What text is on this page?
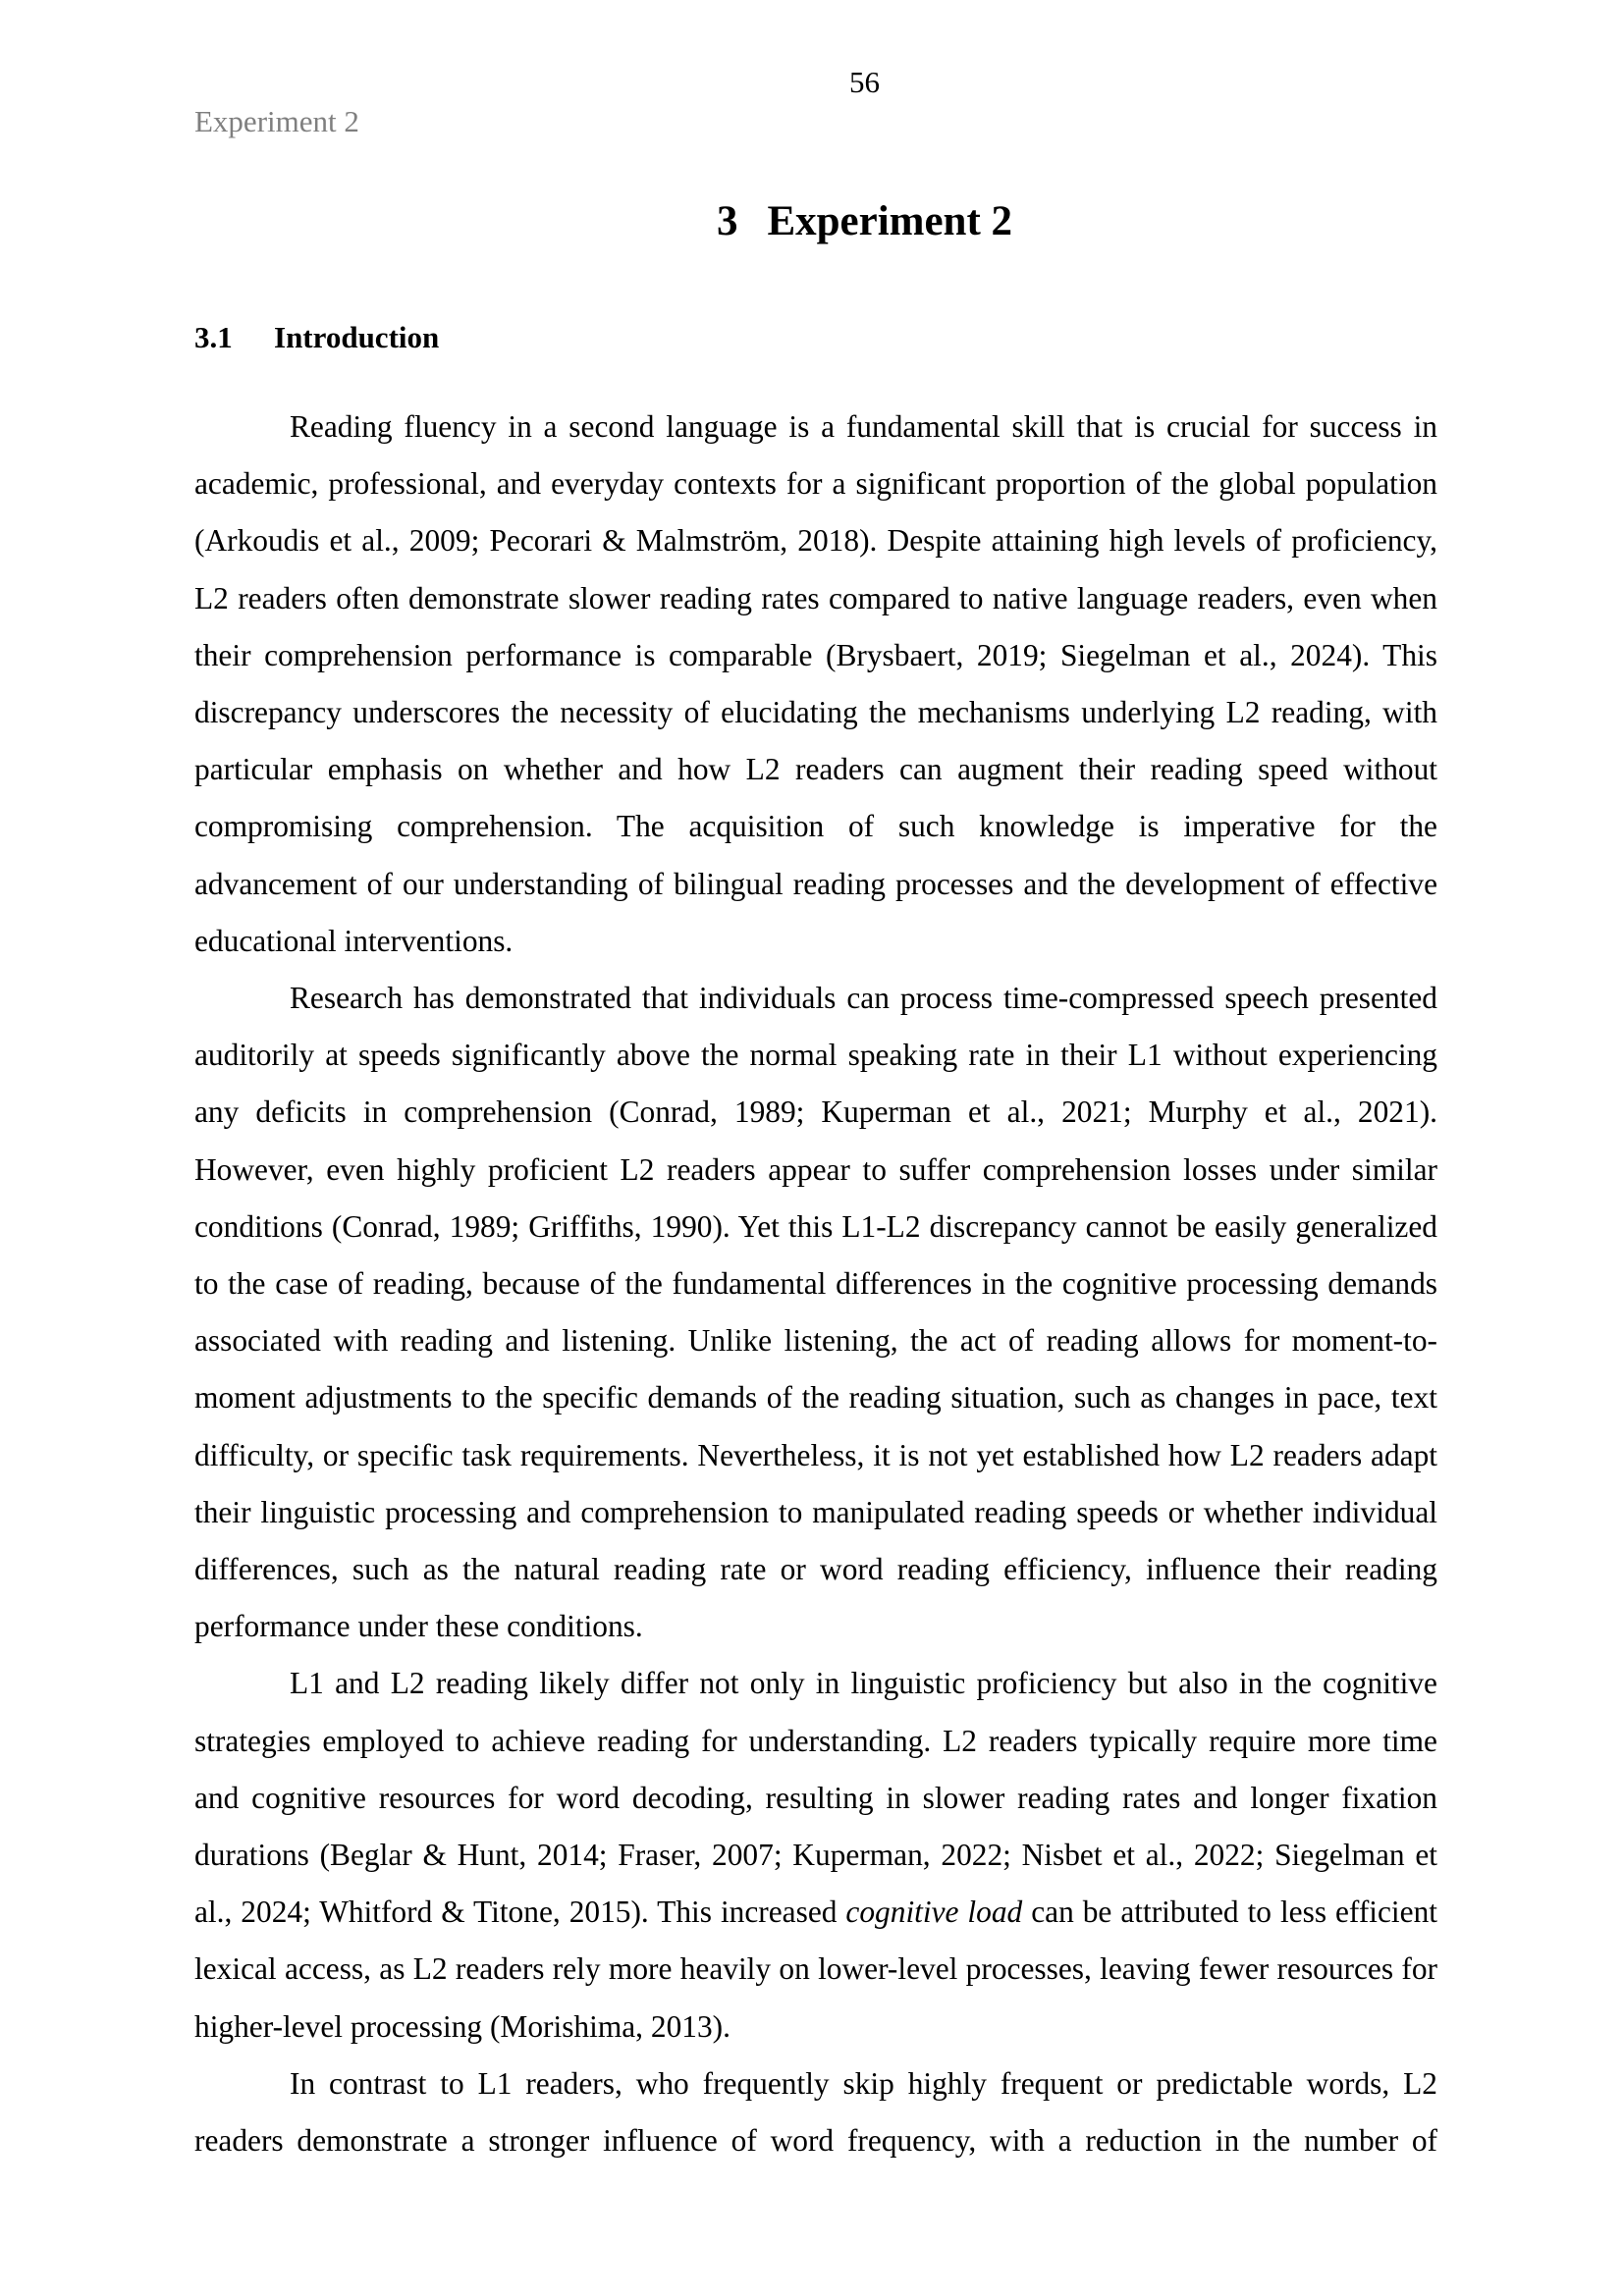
56
Experiment 2
3 Experiment 2
3.1 Introduction

Reading fluency in a second language is a fundamental skill that is crucial for success in academic, professional, and everyday contexts for a significant proportion of the global population (Arkoudis et al., 2009; Pecorari & Malmström, 2018). Despite attaining high levels of proficiency, L2 readers often demonstrate slower reading rates compared to native language readers, even when their comprehension performance is comparable (Brysbaert, 2019; Siegelman et al., 2024). This discrepancy underscores the necessity of elucidating the mechanisms underlying L2 reading, with particular emphasis on whether and how L2 readers can augment their reading speed without compromising comprehension. The acquisition of such knowledge is imperative for the advancement of our understanding of bilingual reading processes and the development of effective educational interventions.

Research has demonstrated that individuals can process time-compressed speech presented auditorily at speeds significantly above the normal speaking rate in their L1 without experiencing any deficits in comprehension (Conrad, 1989; Kuperman et al., 2021; Murphy et al., 2021). However, even highly proficient L2 readers appear to suffer comprehension losses under similar conditions (Conrad, 1989; Griffiths, 1990). Yet this L1-L2 discrepancy cannot be easily generalized to the case of reading, because of the fundamental differences in the cognitive processing demands associated with reading and listening. Unlike listening, the act of reading allows for moment-to-moment adjustments to the specific demands of the reading situation, such as changes in pace, text difficulty, or specific task requirements. Nevertheless, it is not yet established how L2 readers adapt their linguistic processing and comprehension to manipulated reading speeds or whether individual differences, such as the natural reading rate or word reading efficiency, influence their reading performance under these conditions.

L1 and L2 reading likely differ not only in linguistic proficiency but also in the cognitive strategies employed to achieve reading for understanding. L2 readers typically require more time and cognitive resources for word decoding, resulting in slower reading rates and longer fixation durations (Beglar & Hunt, 2014; Fraser, 2007; Kuperman, 2022; Nisbet et al., 2022; Siegelman et al., 2024; Whitford & Titone, 2015). This increased cognitive load can be attributed to less efficient lexical access, as L2 readers rely more heavily on lower-level processes, leaving fewer resources for higher-level processing (Morishima, 2013).

In contrast to L1 readers, who frequently skip highly frequent or predictable words, L2 readers demonstrate a stronger influence of word frequency, with a reduction in the number of
